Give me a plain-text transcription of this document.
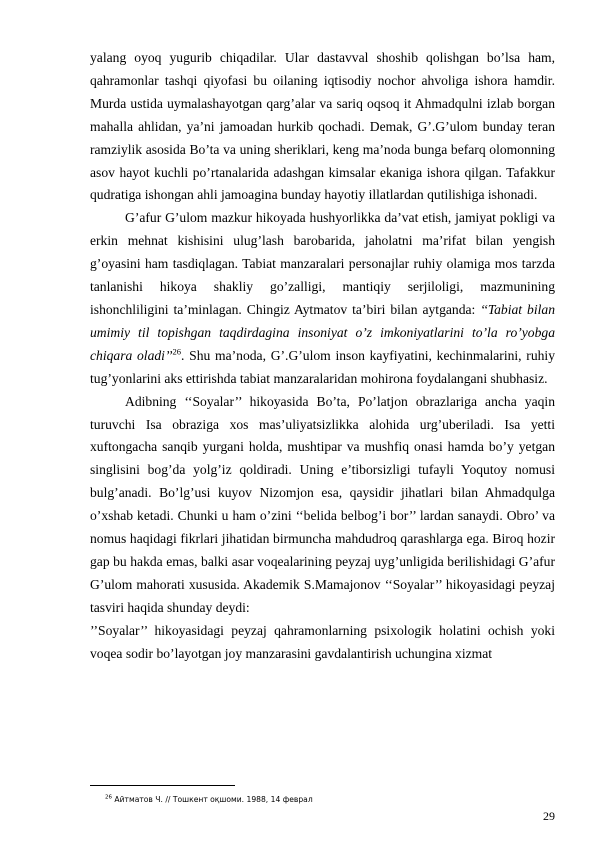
yalang oyoq yugurib chiqadilar. Ular dastavval shoshib qolishgan bo’lsa ham, qahramonlar tashqi qiyofasi bu oilaning iqtisodiy nochor ahvoliga ishora hamdir. Murda ustida uymalashayotgan qarg’alar va sariq oqsoq it Ahmadqulni izlab borgan mahalla ahlidan, ya’ni jamoadan hurkib qochadi. Demak, G’.G’ulom bunday teran ramziylik asosida Bo’ta va uning sheriklari, keng ma’noda bunga befarq olomonning asov hayot kuchli po’rtanalarida adashgan kimsalar ekaniga ishora qilgan. Tafakkur qudratiga ishongan ahli jamoagina bunday hayotiy illatlardan qutilishiga ishonadi.

G’afur G’ulom mazkur hikoyada hushyorlikka da’vat etish, jamiyat pokligi va erkin mehnat kishisini ulug’lash barobarida, jaholatni ma’rifat bilan yengish g’oyasini ham tasdiqlagan. Tabiat manzaralari personajlar ruhiy olamiga mos tarzda tanlanishi hikoya shakliy go’zalligi, mantiqiy serjiloligi, mazmunining ishonchliligini ta’minlagan. Chingiz Aytmatov ta’biri bilan aytganda: ‘‘Tabiat bilan umimiy til topishgan taqdirdagina insoniyat o’z imkoniyatlarini to’la ro’yobga chiqara oladi’’$^{26}$. Shu ma’noda, G’.G’ulom inson kayfiyatini, kechinmalarini, ruhiy tug’yonlarini aks ettirishda tabiat manzaralaridan mohirona foydalangani shubhasiz.

Adibning ‘‘Soyalar’’ hikoyasida Bo’ta, Po’latjon obrazlariga ancha yaqin turuvchi Isa obraziga xos mas’uliyatsizlikka alohida urg’uberiladi. Isa yetti xuftongacha sanqib yurgani holda, mushtipar va mushfiq onasi hamda bo’y yetgan singlisini bog’da yolg’iz qoldiradi. Uning e’tiborsizligi tufayli Yoqutoy nomusi bulg’anadi. Bo’lg’usi kuyov Nizomjon esa, qaysidir jihatlari bilan Ahmadqulga o’xshab ketadi. Chunki u ham o’zini ‘‘belida belbog’i bor’’ lardan sanaydi. Obro’ va nomus haqidagi fikrlari jihatidan birmuncha mahdudroq qarashlarga ega. Biroq hozir gap bu hakda emas, balki asar voqealarining peyzaj uyg’unligida berilishidagi G’afur G’ulom mahorati xususida. Akademik S.Mamajonov ‘‘Soyalar’’ hikoyasidagi peyzaj tasviri haqida shunday deydi:

’’Soyalar’’ hikoyasidagi peyzaj qahramonlarning psixologik holatini ochish yoki voqea sodir bo’layotgan joy manzarasini gavdalantirish uchungina xizmat

$^{26}$ Айтматов Ч. // Тошкент оқшоми. 1988, 14 феврал
29
